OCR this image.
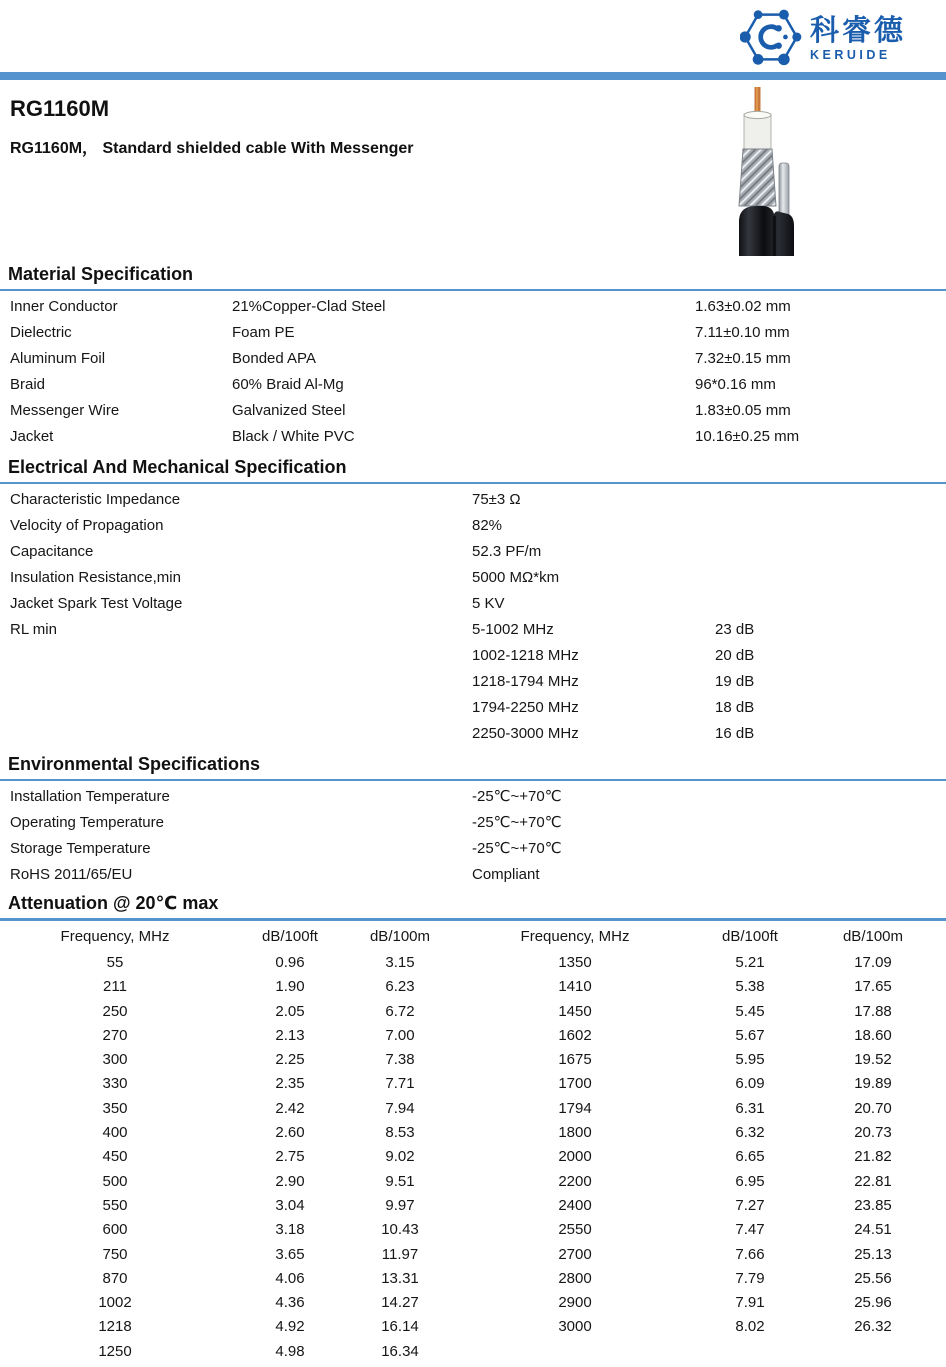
科睿德
KERUIDE
RG1160M
RG1160M， Standard shielded cable With Messenger
Material Specification
Inner Conductor	21%Copper-Clad Steel	1.63±0.02 mm
Dielectric	Foam PE	7.11±0.10 mm
Aluminum Foil	Bonded APA	7.32±0.15 mm
Braid	60% Braid Al-Mg	96*0.16 mm
Messenger Wire	Galvanized Steel	1.83±0.05 mm
Jacket	Black / White PVC	10.16±0.25 mm
Electrical And Mechanical Specification
Characteristic Impedance	75±3 Ω
Velocity of Propagation	82%
Capacitance	52.3 PF/m
Insulation Resistance,min	5000 MΩ*km
Jacket Spark Test Voltage	5 KV
RL min	5-1002 MHz	23 dB
1002-1218 MHz	20 dB
1218-1794 MHz	19 dB
1794-2250 MHz	18 dB
2250-3000 MHz	16 dB
Environmental Specifications
Installation Temperature	-25℃~+70℃
Operating Temperature	-25℃~+70℃
Storage Temperature	-25℃~+70℃
RoHS 2011/65/EU	Compliant
Attenuation @ 20℃ max
Frequency, MHz	dB/100ft	dB/100m	Frequency, MHz	dB/100ft	dB/100m
55	0.96	3.15	1350	5.21	17.09
211	1.90	6.23	1410	5.38	17.65
250	2.05	6.72	1450	5.45	17.88
270	2.13	7.00	1602	5.67	18.60
300	2.25	7.38	1675	5.95	19.52
330	2.35	7.71	1700	6.09	19.89
350	2.42	7.94	1794	6.31	20.70
400	2.60	8.53	1800	6.32	20.73
450	2.75	9.02	2000	6.65	21.82
500	2.90	9.51	2200	6.95	22.81
550	3.04	9.97	2400	7.27	23.85
600	3.18	10.43	2550	7.47	24.51
750	3.65	11.97	2700	7.66	25.13
870	4.06	13.31	2800	7.79	25.56
1002	4.36	14.27	2900	7.91	25.96
1218	4.92	16.14	3000	8.02	26.32
1250	4.98	16.34
